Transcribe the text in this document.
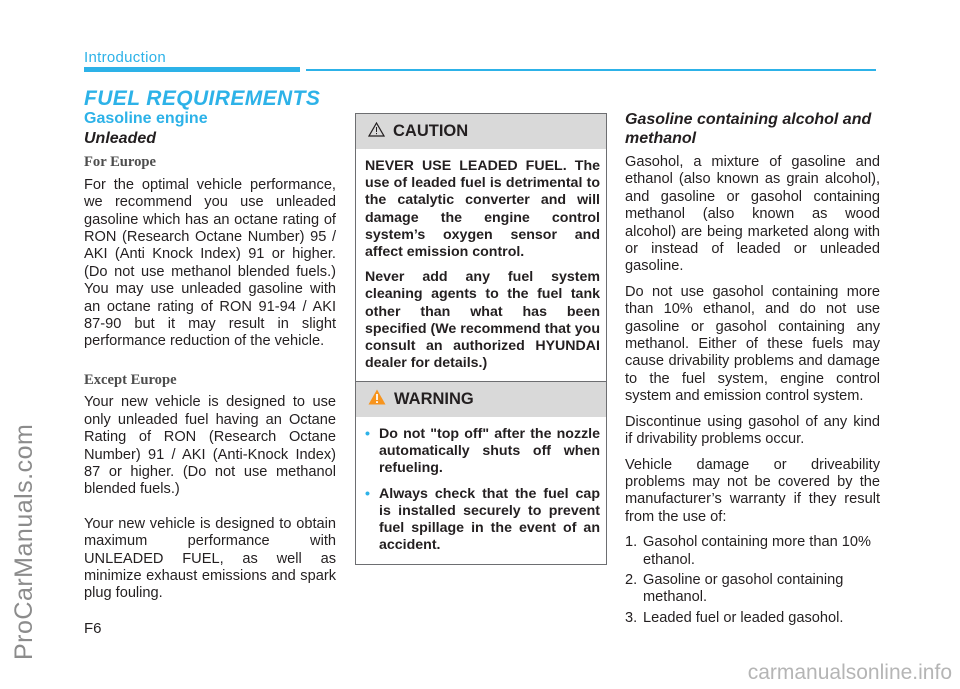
ProCarManuals.com
carmanualsonline.info
Introduction
FUEL REQUIREMENTS
Gasoline engine
Unleaded
For Europe

For the optimal vehicle performance, we recommend you use unleaded gasoline which has an octane rating of RON (Research Octane Number) 95 / AKI (Anti Knock Index) 91 or higher. (Do not use methanol blended fuels.) You may use unleaded gasoline with an octane rating of RON 91-94 / AKI 87-90 but it may result in slight performance reduction of the vehicle.

Except Europe

Your new vehicle is designed to use only unleaded fuel having an Octane Rating of RON (Research Octane Number) 91 / AKI (Anti-Knock Index) 87 or higher. (Do not use methanol blended fuels.)

Your new vehicle is designed to obtain maximum performance with UNLEADED FUEL, as well as minimize exhaust emissions and spark plug fouling.

CAUTION

NEVER USE LEADED FUEL. The use of leaded fuel is detrimental to the catalytic converter and will damage the engine control system’s oxygen sensor and affect emission control.

Never add any fuel system cleaning agents to the fuel tank other than what has been specified (We recommend that you consult an authorized HYUNDAI dealer for details.)

WARNING
• Do not "top off" after the nozzle automatically shuts off when refueling.
• Always check that the fuel cap is installed securely to prevent fuel spillage in the event of an accident.
Gasoline containing alcohol and methanol

Gasohol, a mixture of gasoline and ethanol (also known as grain alcohol), and gasoline or gasohol containing methanol (also known as wood alcohol) are being marketed along with or instead of leaded or unleaded gasoline.

Do not use gasohol containing more than 10% ethanol, and do not use gasoline or gasohol containing any methanol. Either of these fuels may cause drivability problems and damage to the fuel system, engine control system and emission control system.

Discontinue using gasohol of any kind if drivability problems occur.

Vehicle damage or driveability problems may not be covered by the manufacturer’s warranty if they result from the use of:

1. Gasohol containing more than 10% ethanol.
2. Gasoline or gasohol containing methanol.
3. Leaded fuel or leaded gasohol.
F6
